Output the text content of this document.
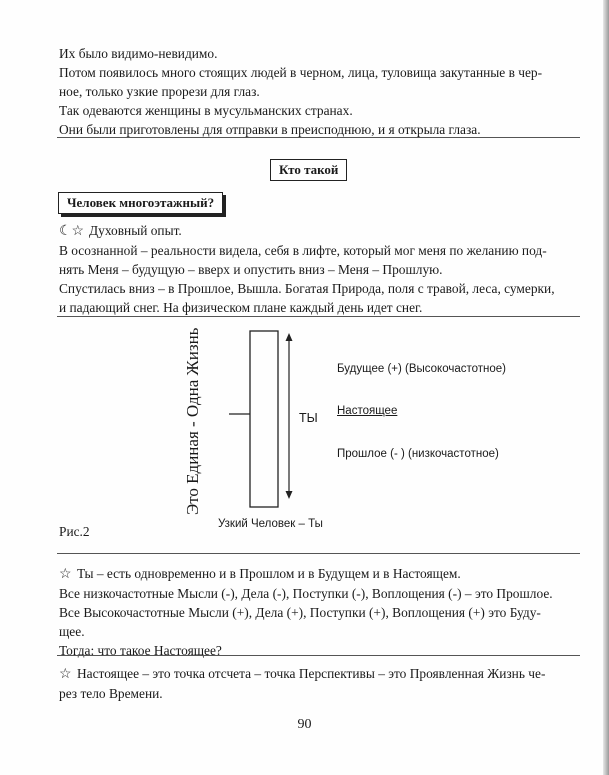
Их было видимо-невидимо.

Потом появилось много стоящих людей в черном, лица, туловища закутанные в чер-

ное, только узкие прорези для глаз.

Так одеваются женщины в мусульманских странах.

Они были приготовлены для отправки в преисподнюю, и я открыла глаза.

Кто такой
Человек многоэтажный?

☾☆ Духовный опыт.

В осознанной – реальности видела, себя в лифте, который мог меня по желанию под-

нять Меня – будущую – вверх и опустить вниз – Меня – Прошлую.

Спустилась вниз – в Прошлое, Вышла. Богатая Природа, поля с травой, леса, сумерки,

и падающий снег. На физическом плане каждый день идет снег.

Это Единая - Одна Жизнь	Будущее (+) (Высокочастотное)
ТЫ Настоящее
Прошлое (- ) (низкочастотное)
Узкий Человек – Ты
Рис.2

☆ Ты – есть одновременно и в Прошлом и в Будущем и в Настоящем.

Все низкочастотные Мысли (-), Дела (-), Поступки (-), Воплощения (-) – это Прошлое.

Все Высокочастотные Мысли (+), Дела (+), Поступки (+), Воплощения (+) это Буду-

щее.

Тогда: что такое Настоящее?

☆ Настоящее – это точка отсчета – точка Перспективы – это Проявленная Жизнь че-

рез тело Времени.

90
